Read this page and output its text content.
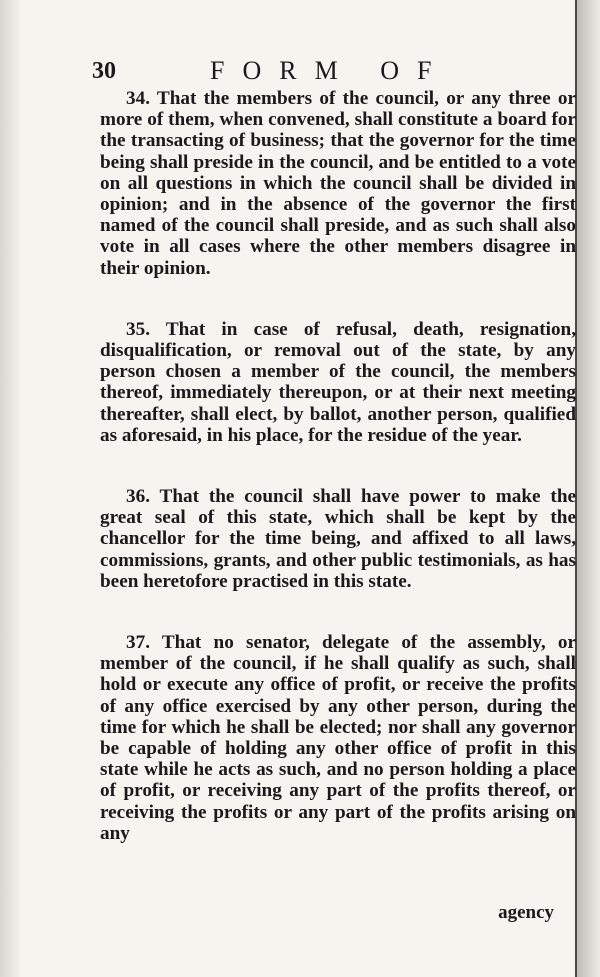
30	FORM OF

34. That the members of the council, or any three or more of them, when convened, shall constitute a board for the transacting of business; that the governor for the time being shall preside in the council, and be entitled to a vote on all questions in which the council shall be divided in opinion; and in the absence of the governor the first named of the council shall preside, and as such shall also vote in all cases where the other members disagree in their opinion.

35. That in case of refusal, death, resignation, disqualification, or removal out of the state, by any person chosen a member of the council, the members thereof, immediately thereupon, or at their next meeting thereafter, shall elect, by ballot, another person, qualified as aforesaid, in his place, for the residue of the year.

36. That the council shall have power to make the great seal of this state, which shall be kept by the chancellor for the time being, and affixed to all laws, commissions, grants, and other public testimonials, as has been heretofore practised in this state.

37. That no senator, delegate of the assembly, or member of the council, if he shall qualify as such, shall hold or execute any office of profit, or receive the profits of any office exercised by any other person, during the time for which he shall be elected; nor shall any governor be capable of holding any other office of profit in this state while he acts as such, and no person holding a place of profit, or receiving any part of the profits thereof, or receiving the profits or any part of the profits arising on any

agency
